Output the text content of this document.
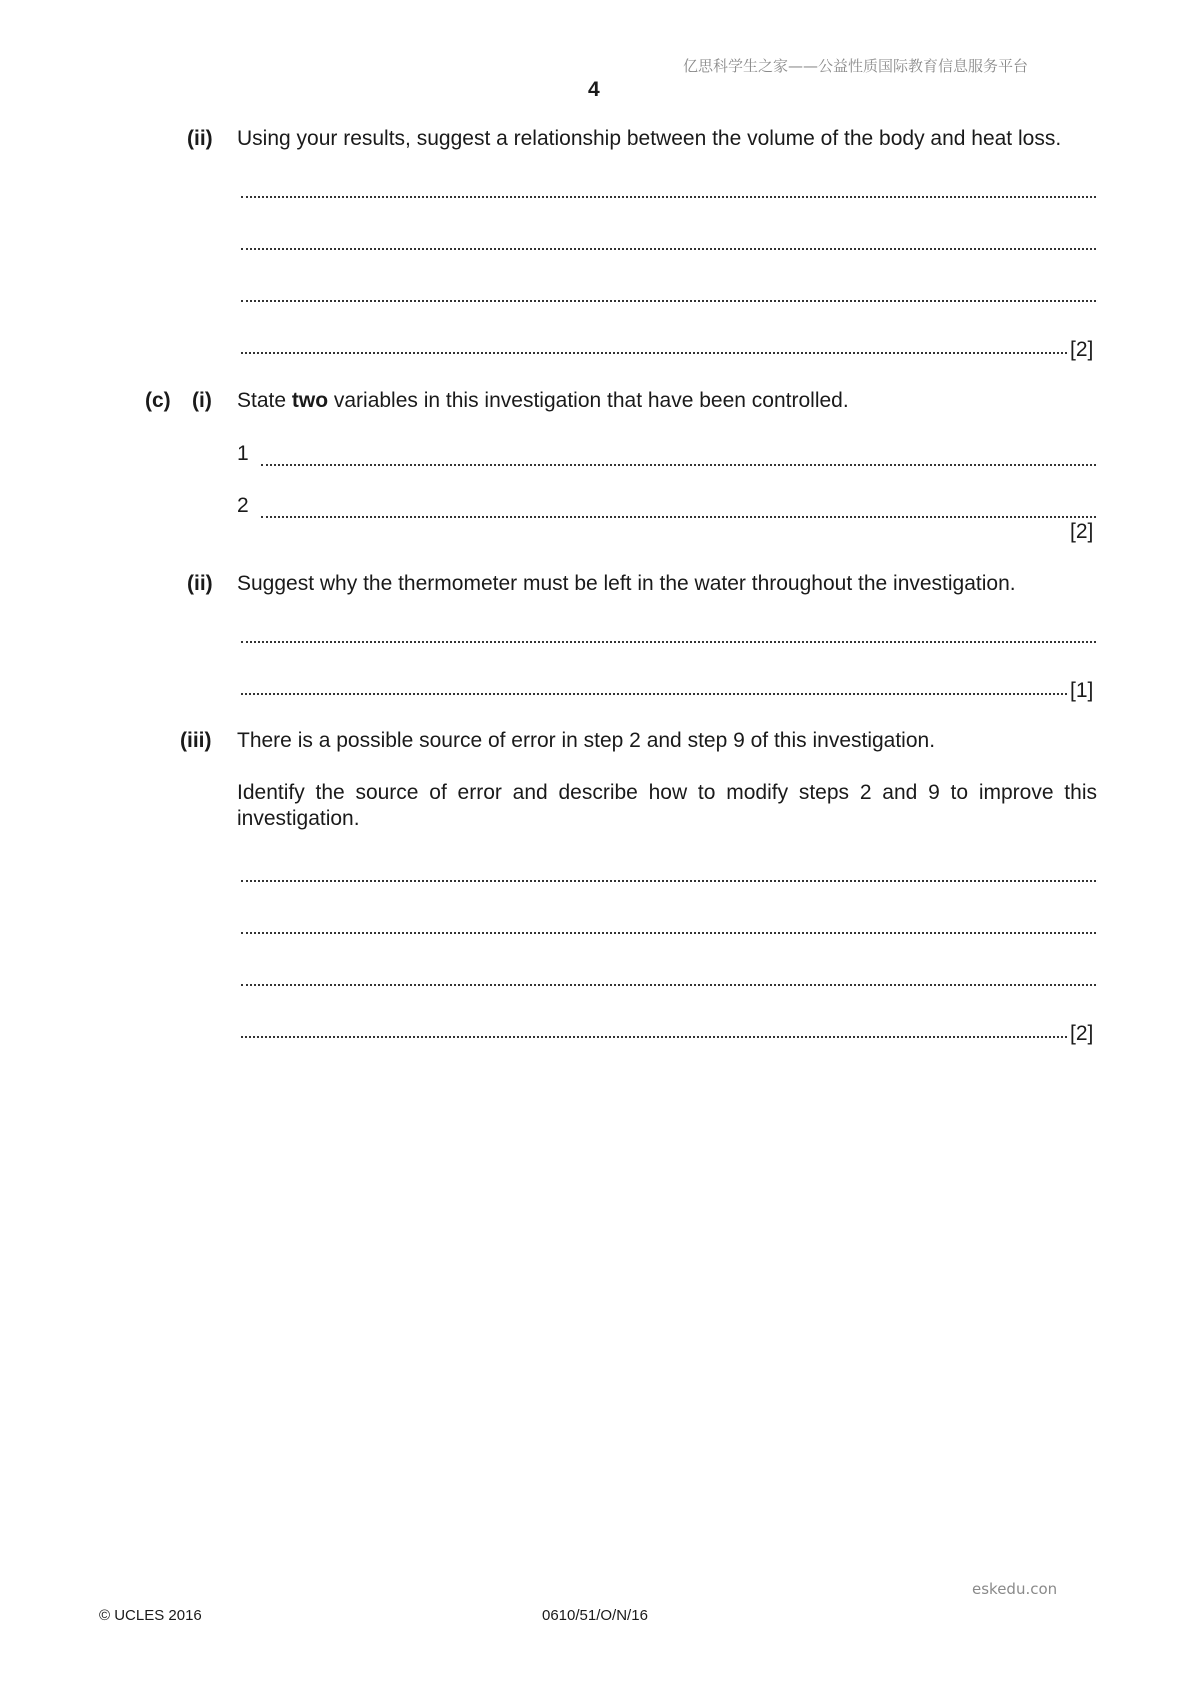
亿思科学生之家——公益性质国际教育信息服务平台
4
(ii) Using your results, suggest a relationship between the volume of the body and heat loss.
[2]
(c) (i) State two variables in this investigation that have been controlled.
1
2
[2]
(ii) Suggest why the thermometer must be left in the water throughout the investigation.
[1]
(iii) There is a possible source of error in step 2 and step 9 of this investigation.
Identify the source of error and describe how to modify steps 2 and 9 to improve this investigation.
[2]
eskedu.con
© UCLES 2016	0610/51/O/N/16
